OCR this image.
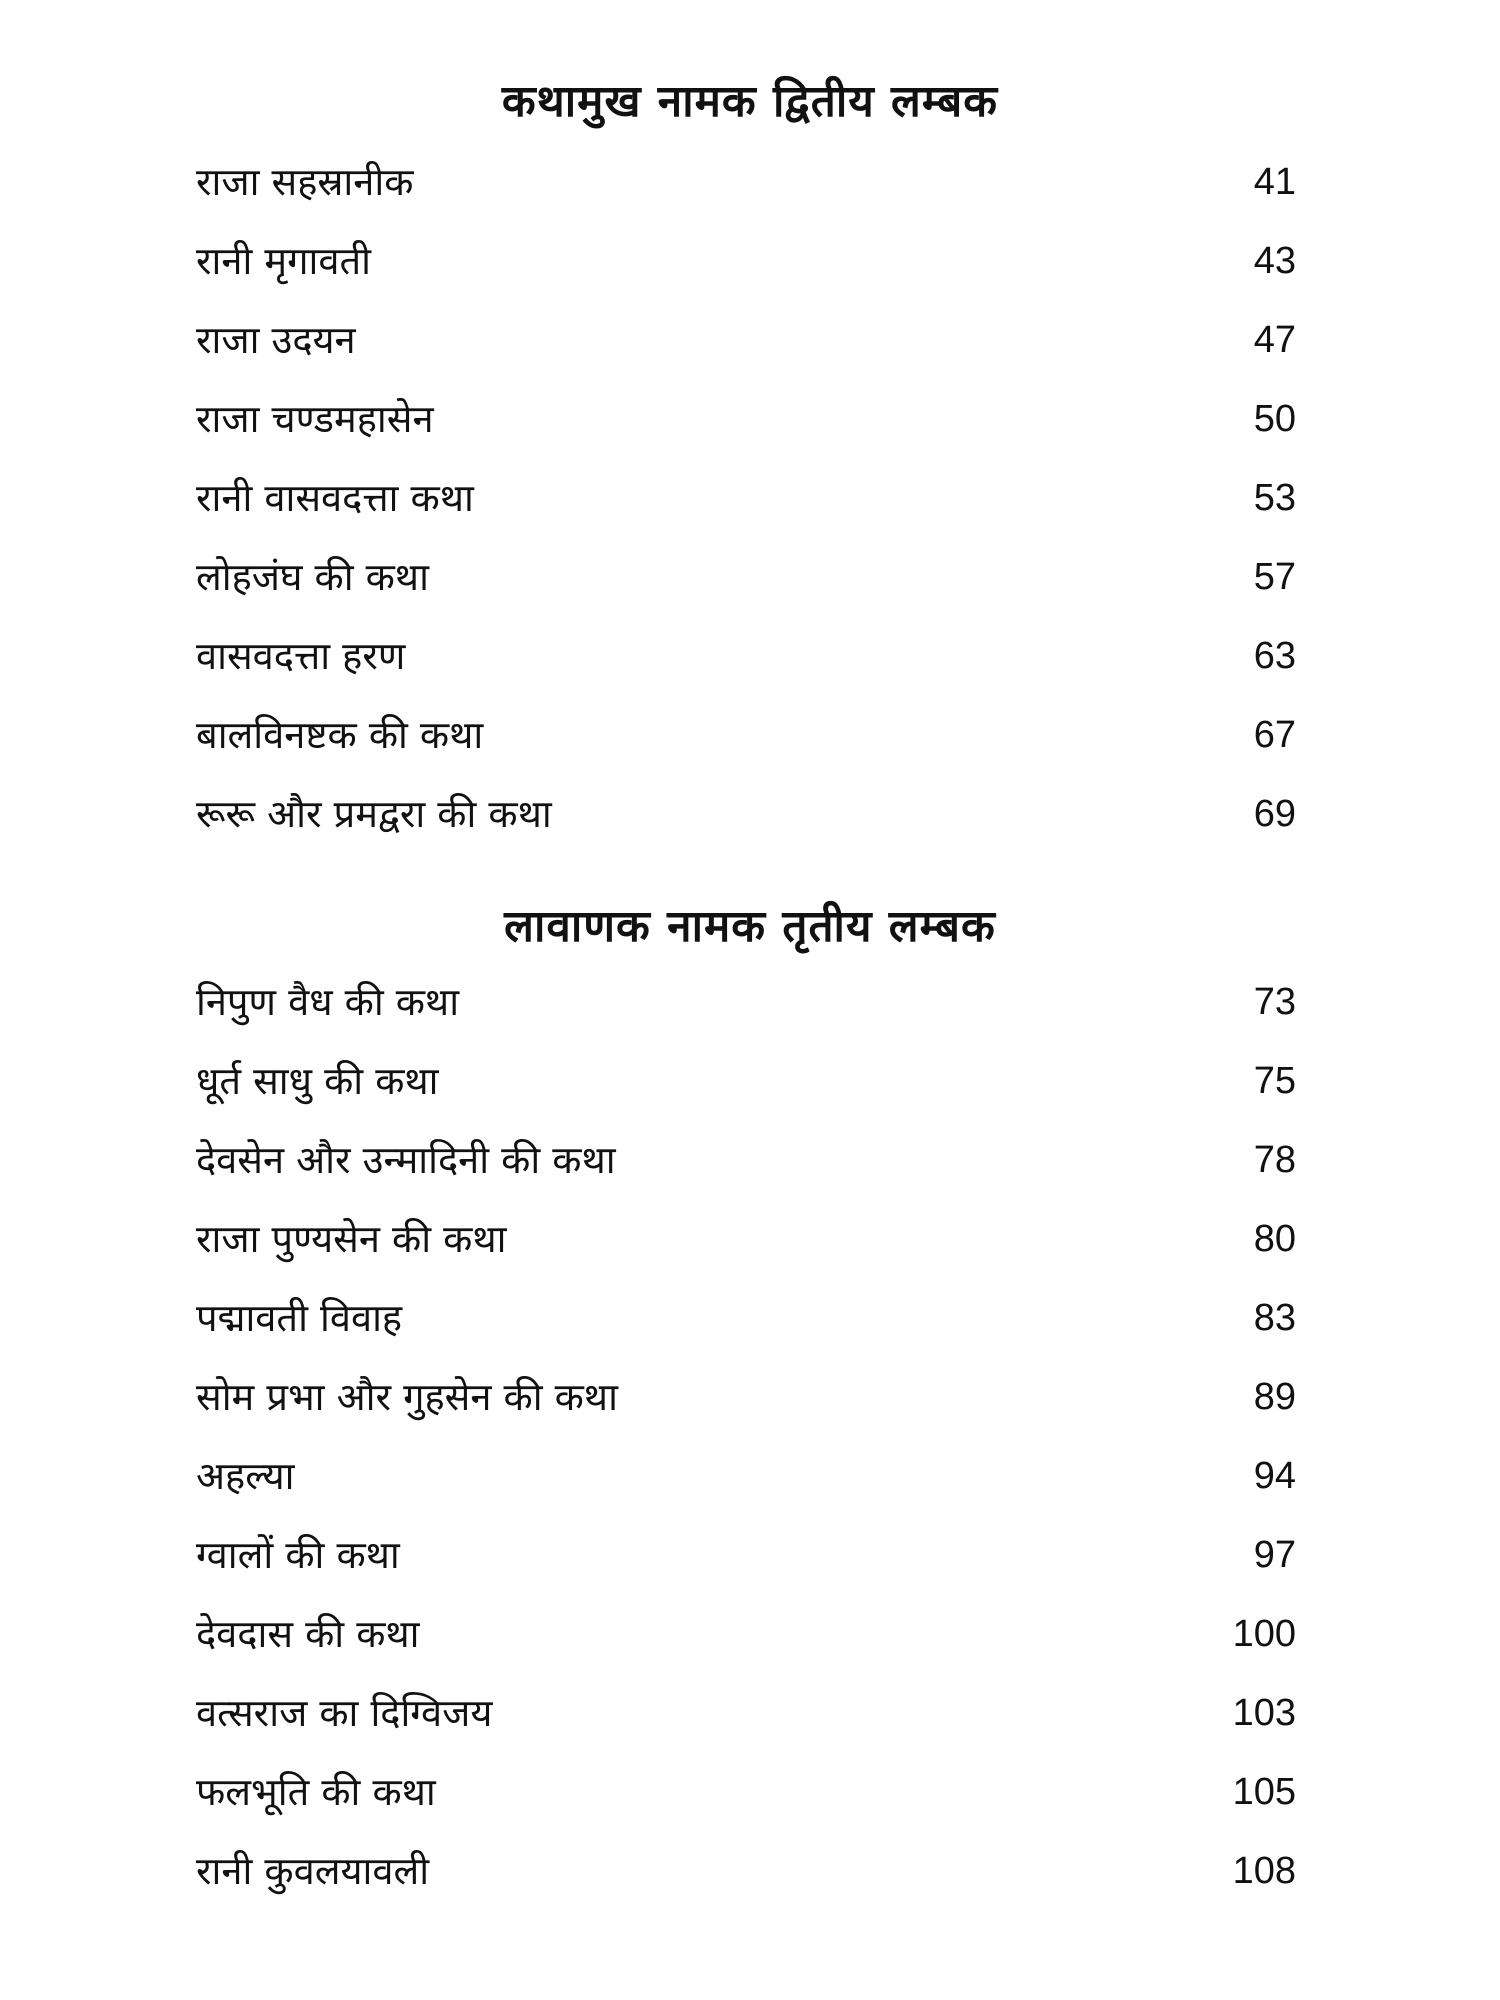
कथामुख नामक द्वितीय लम्बक
राजा सहस्रानीक	41
रानी मृगावती	43
राजा उदयन	47
राजा चण्डमहासेन	50
रानी वासवदत्ता कथा	53
लोहजंघ की कथा	57
वासवदत्ता हरण	63
बालविनष्टक की कथा	67
रूरू और प्रमद्वरा की कथा	69
लावाणक नामक तृतीय लम्बक
निपुण वैध की कथा	73
धूर्त साधु की कथा	75
देवसेन और उन्मादिनी की कथा	78
राजा पुण्यसेन की कथा	80
पद्मावती विवाह	83
सोम प्रभा और गुहसेन की कथा	89
अहल्या	94
ग्वालों की कथा	97
देवदास की कथा	100
वत्सराज का दिग्विजय	103
फलभूति की कथा	105
रानी कुवलयावली	108
